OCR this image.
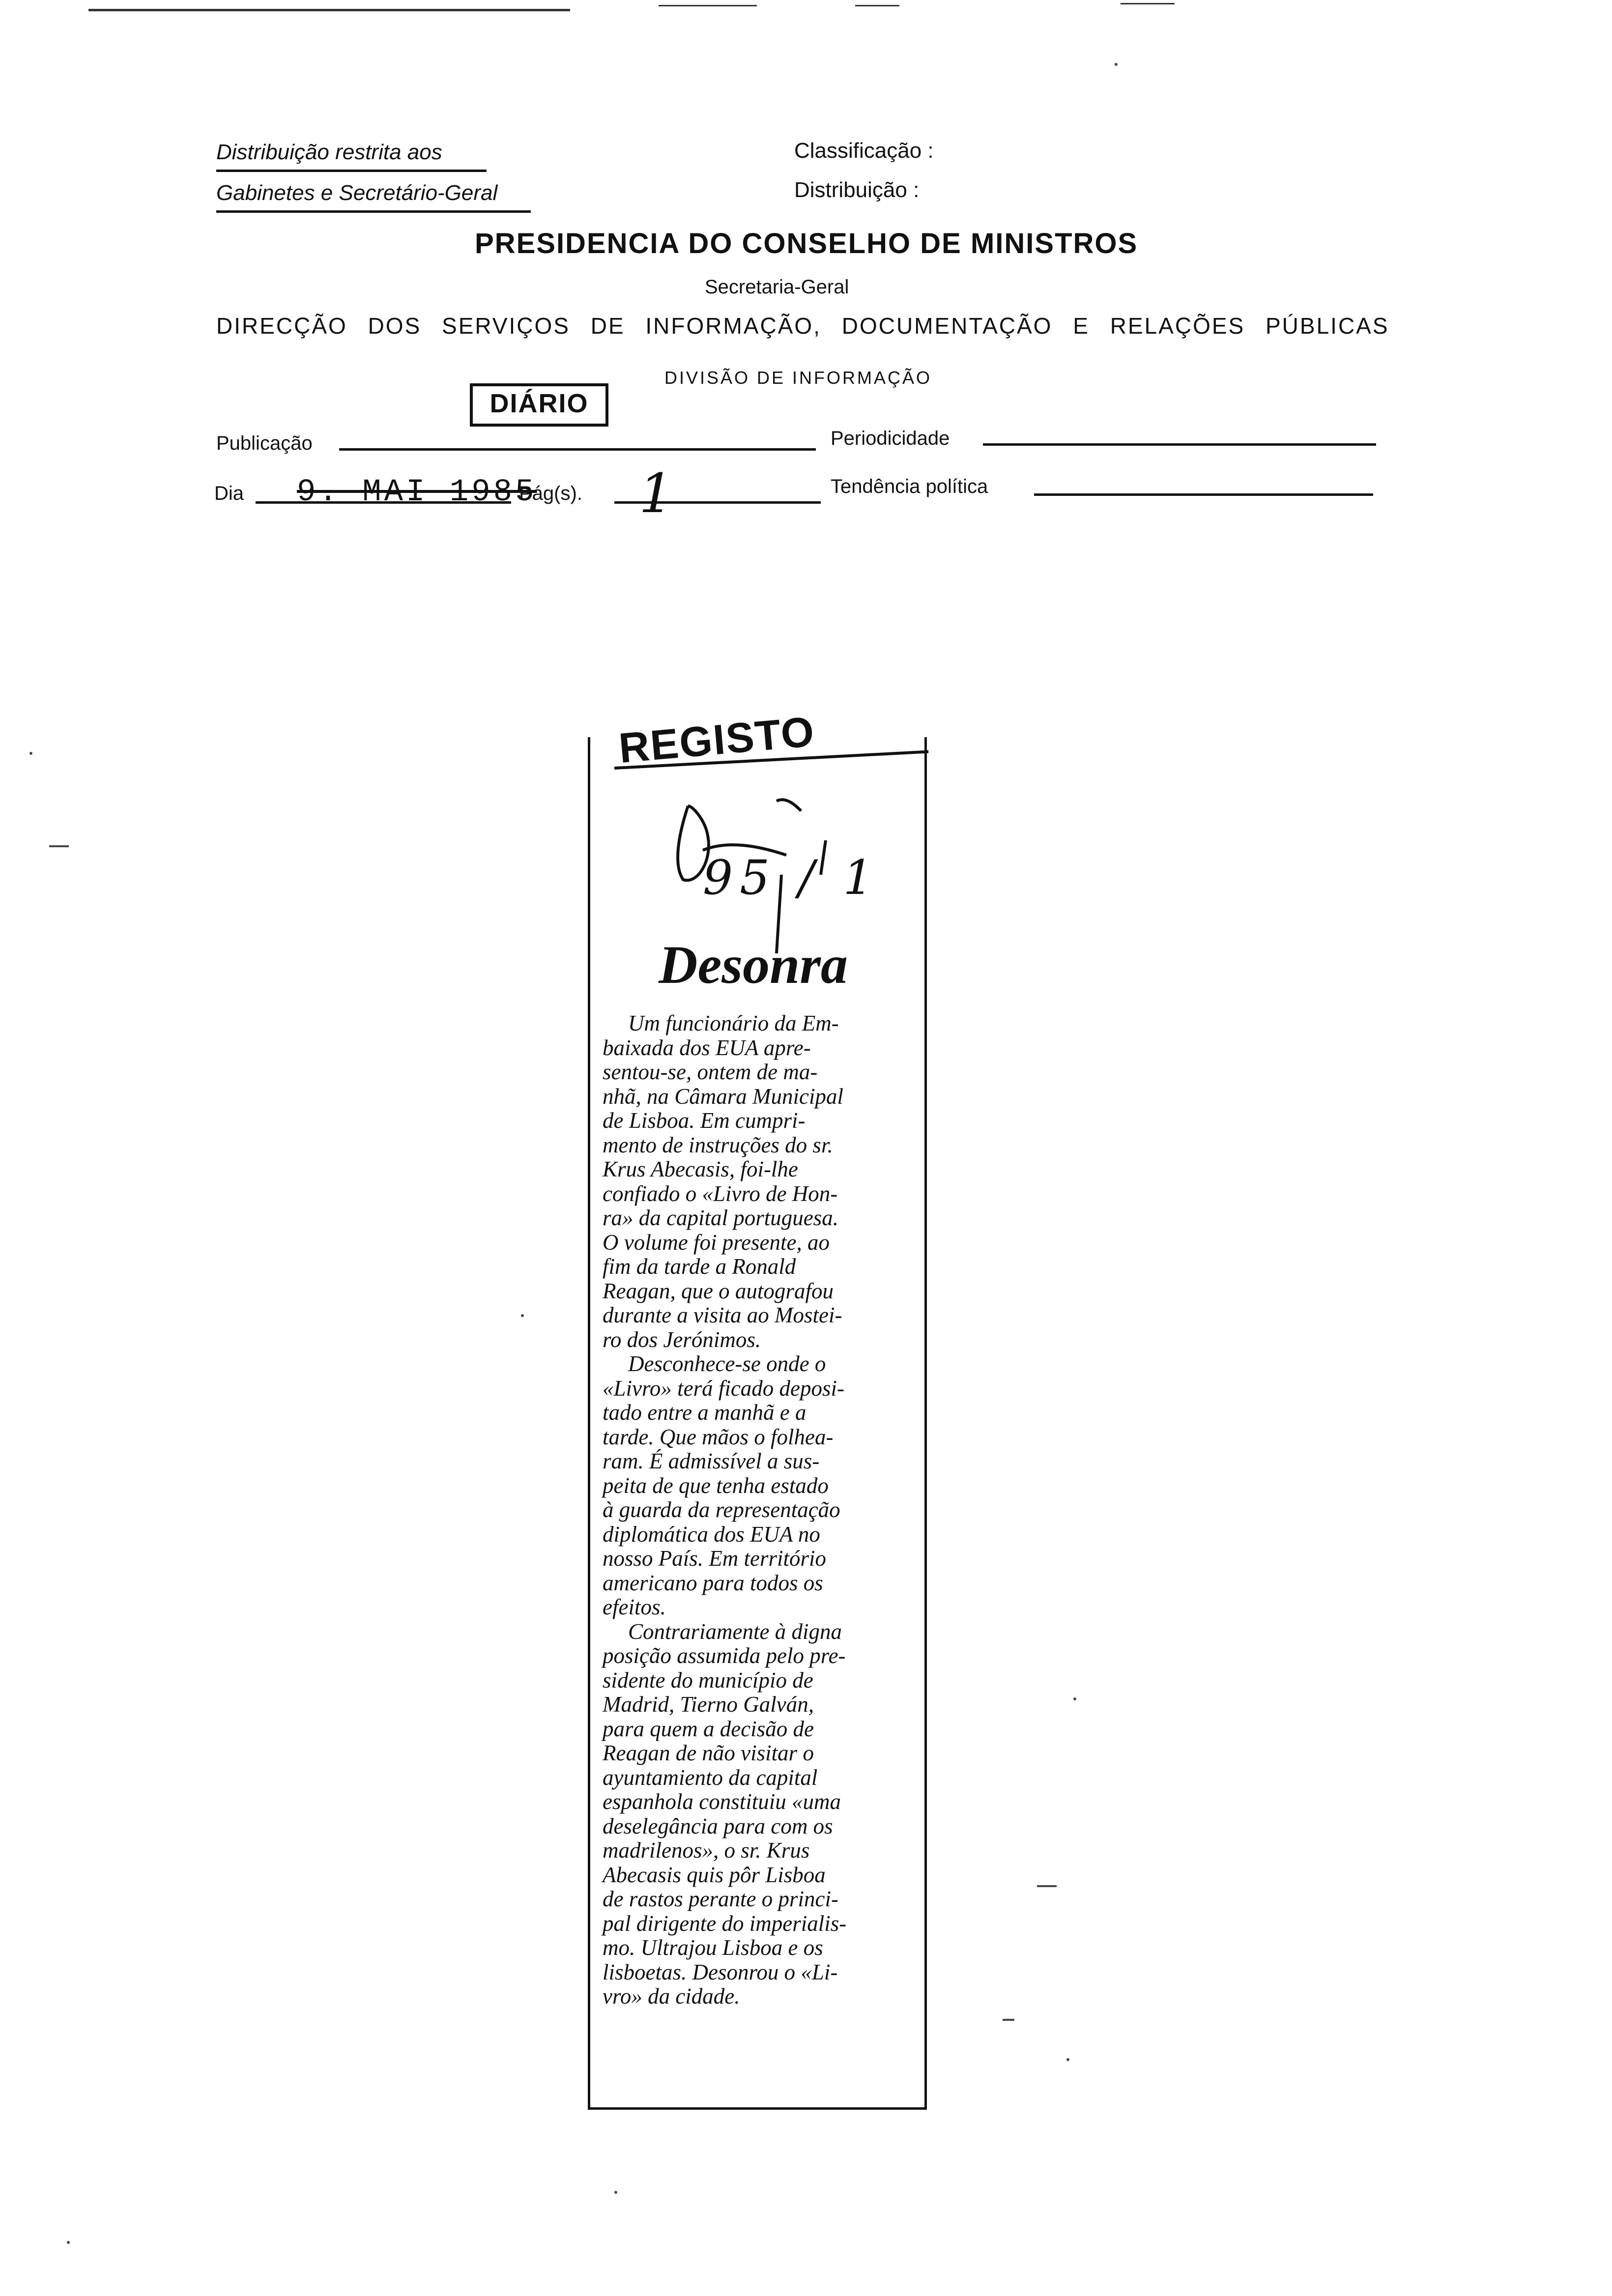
Distribuição restrita aos
Gabinetes e Secretário-Geral
Classificação :
Distribuição :
PRESIDENCIA DO CONSELHO DE MINISTROS
Secretaria-Geral
DIRECÇÃO DOS SERVIÇOS DE INFORMAÇÃO, DOCUMENTAÇÃO E RELAÇÕES PÚBLICAS
DIVISÃO DE INFORMAÇÃO
DIÁRIO
Publicação	Periodicidade
Dia 9. MAI 1985
Pág(s). 1	Tendência política
REGISTO
95 / 1
Desonra

Um funcionário da Em-

baixada dos EUA apre-

sentou-se, ontem de ma-

nhã, na Câmara Municipal

de Lisboa. Em cumpri-

mento de instruções do sr.

Krus Abecasis, foi-lhe

confiado o «Livro de Hon-

ra» da capital portuguesa.

O volume foi presente, ao

fim da tarde a Ronald

Reagan, que o autografou

durante a visita ao Mostei-

ro dos Jerónimos.

Desconhece-se onde o

«Livro» terá ficado deposi-

tado entre a manhã e a

tarde. Que mãos o folhea-

ram. É admissível a sus-

peita de que tenha estado

à guarda da representação

diplomática dos EUA no

nosso País. Em território

americano para todos os

efeitos.

Contrariamente à digna

posição assumida pelo pre-

sidente do município de

Madrid, Tierno Galván,

para quem a decisão de

Reagan de não visitar o

ayuntamiento da capital

espanhola constituiu «uma

deselegância para com os

madrilenos», o sr. Krus

Abecasis quis pôr Lisboa

de rastos perante o princi-

pal dirigente do imperialis-

mo. Ultrajou Lisboa e os

lisboetas. Desonrou o «Li-

vro» da cidade.
